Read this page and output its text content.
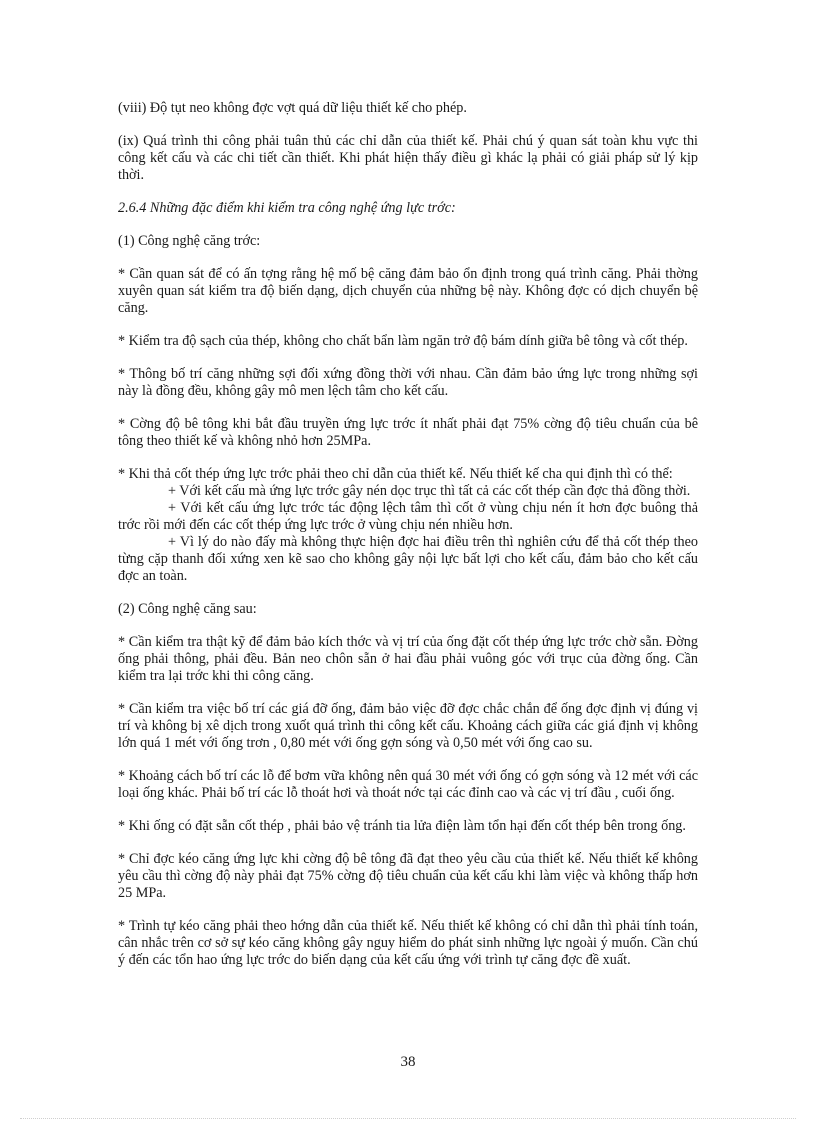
(viii) Độ tụt neo không đợc vợt quá dữ liệu thiết kế cho phép.

(ix) Quá trình thi công phải tuân thủ các chỉ dẫn của thiết kế. Phải chú ý quan sát toàn khu vực thi công kết cấu và các chi tiết cần thiết. Khi phát hiện thấy điều gì khác lạ phải có giải pháp sử lý kịp thời.

2.6.4 Những đặc điểm khi kiểm tra công nghệ ứng lực trớc:

(1) Công nghệ căng trớc:

* Cần quan sát để có ấn tợng rằng hệ mố bệ căng đảm bảo ổn định trong quá trình căng. Phải thờng xuyên quan sát kiểm tra độ biến dạng, dịch chuyển của những bệ này. Không đợc có dịch chuyển bệ căng.

* Kiểm tra độ sạch của thép, không cho chất bẩn làm ngăn trở độ bám dính giữa bê tông và cốt thép.

* Thông bố trí căng những sợi đối xứng đồng thời với nhau. Cần đảm bảo ứng lực trong những sợi này là đồng đều, không gây mô men lệch tâm cho kết cấu.

* Cờng độ bê tông khi bắt đầu truyền ứng lực trớc ít nhất phải đạt 75% cờng độ tiêu chuẩn của bê tông theo thiết kế và không nhỏ hơn 25MPa.

* Khi thả cốt thép ứng lực trớc phải theo chỉ dẫn của thiết kế. Nếu thiết kế cha qui định thì có thể:

+ Với kết cấu mà ứng lực trớc gây nén dọc trục thì tất cả các cốt thép cần đợc thả đồng thời.

+ Với kết cấu ứng lực trớc tác động lệch tâm thì cốt ở vùng chịu nén ít hơn đợc buông thả trớc rồi mới đến các cốt thép ứng lực trớc ở vùng chịu nén nhiều hơn.

+ Vì lý do nào đấy mà không thực hiện đợc hai điều trên thì nghiên cứu để thả cốt thép theo từng cặp thanh đối xứng xen kẽ sao cho không gây nội lực bất lợi cho kết cấu, đảm bảo cho kết cấu đợc an toàn.

(2) Công nghệ căng sau:

* Cần kiểm tra thật kỹ để đảm bảo kích thớc và vị trí của ống đặt cốt thép ứng lực trớc chờ sẵn. Đờng ống phải thông, phải đều. Bản neo chôn sẵn ở hai đầu phải vuông góc với trục của đờng ống. Cần kiểm tra lại trớc khi thi công căng.

* Cần kiểm tra việc bố trí các giá đỡ ống, đảm bảo việc đỡ đợc chắc chắn để ống đợc định vị đúng vị trí và không bị xê dịch trong xuốt quá trình thi công kết cấu. Khoảng cách giữa các giá định vị không lớn quá 1 mét với ống trơn , 0,80 mét với ống gợn sóng và 0,50 mét với ống cao su.

* Khoảng cách bố trí các lỗ để bơm vữa không nên quá 30 mét với ống có gợn sóng và 12 mét với các loại ống khác. Phải bố trí các lỗ thoát hơi và thoát nớc tại các đỉnh cao và các vị trí đầu , cuối ống.

* Khi ống có đặt sẵn cốt thép , phải bảo vệ tránh tia lửa điện làm tổn hại đến cốt thép bên trong ống.

* Chỉ đợc kéo căng ứng lực khi cờng độ bê tông đã đạt theo yêu cầu của thiết kế. Nếu thiết kế không yêu cầu thì cờng độ này phải đạt 75% cờng độ tiêu chuẩn của kết cấu khi làm việc và không thấp hơn 25 MPa.

* Trình tự kéo căng phải theo hớng dẫn của thiết kế. Nếu thiết kế không có chỉ dẫn thì phải tính toán, cân nhắc trên cơ sở sự kéo căng không gây nguy hiểm do phát sinh những lực ngoài ý muốn. Cần chú ý đến các tổn hao ứng lực trớc do biến dạng của kết cấu ứng với trình tự căng đợc đề xuất.

38
